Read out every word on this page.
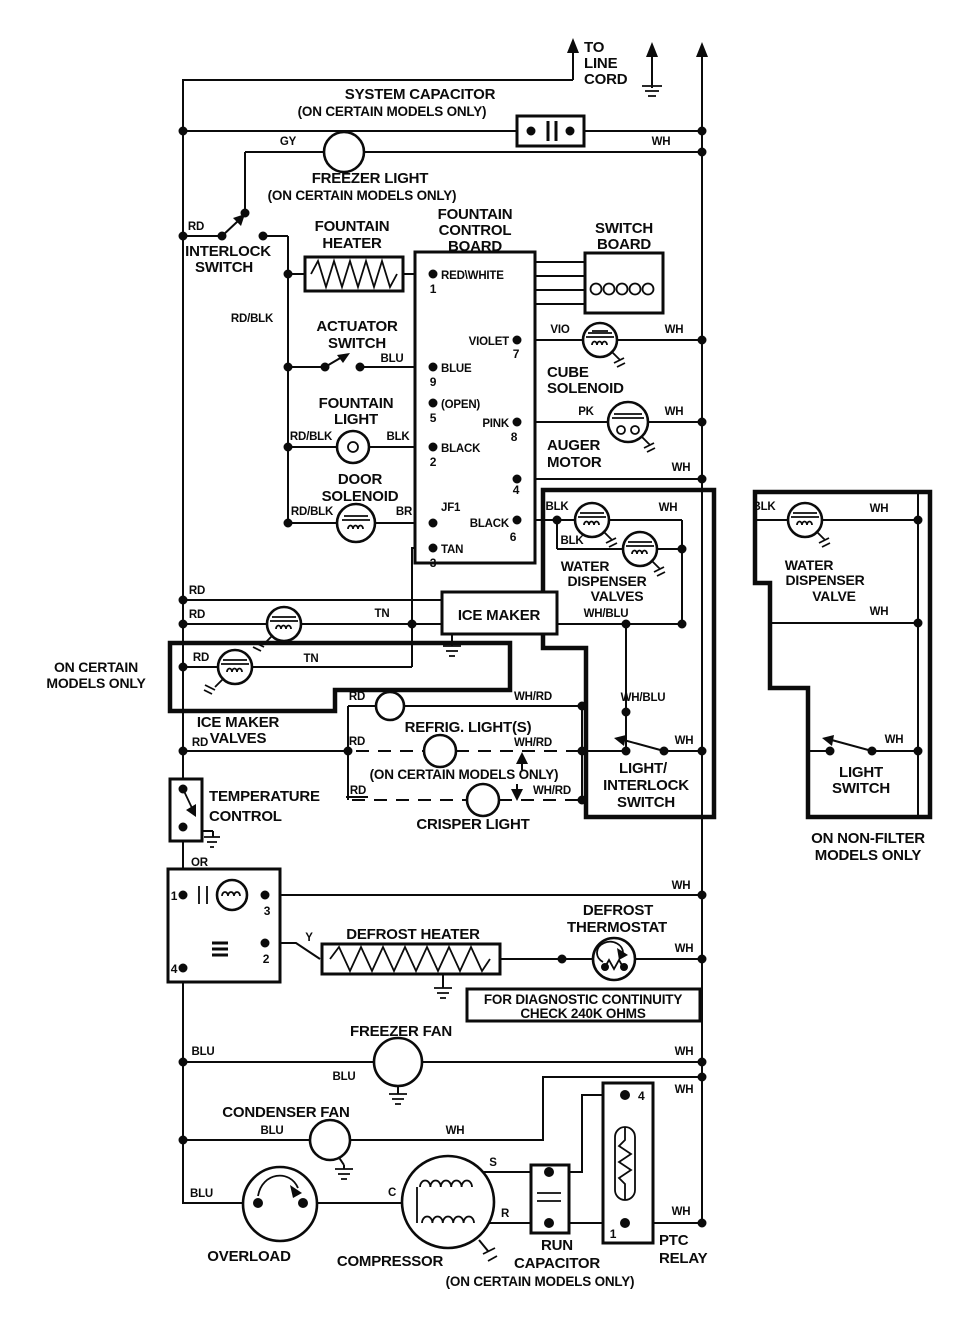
TO
LINE
CORD
SYSTEM CAPACITOR
(ON CERTAIN MODELS ONLY)
GY	WH
FREEZER LIGHT
(ON CERTAIN MODELS ONLY)
RD
INTERLOCK
SWITCH
FOUNTAIN
HEATER
FOUNTAIN
CONTROL
BOARD
SWITCH
BOARD
RD/BLK	ACTUATOR
SWITCH
BLU
RED\WHITE
1
VIOLET
7
BLUE
9
(OPEN)
5	PINK
8
BLACK
2
4
JF1
BLACK
6
TAN
3
VIO	WH
CUBE
SOLENOID
FOUNTAIN
LIGHT
RD/BLK	BLK
PK	WH
AUGER
MOTOR	WH
DOOR
SOLENOID
RD/BLK	BR	BLK	WH
BLK
WATER
DISPENSER
VALVES
WH/BLU
RD
RD	TN	ICE MAKER
ON CERTAIN
MODELS ONLY
RD	TN
ICE MAKER
VALVES
RD
RD
RD
RD
REFRIG. LIGHT(S)
(ON CERTAIN MODELS ONLY)
CRISPER LIGHT
WH/RD
WH/RD
WH/RD
WH/BLU
WH
LIGHT/
INTERLOCK
SWITCH
TEMPERATURE
CONTROL
OR
1
3
2
4
WH
Y DEFROST HEATER
DEFROST
THERMOSTAT
WH
FOR DIAGNOSTIC CONTINUITY
CHECK 240K OHMS
FREEZER FAN
BLU
BLU
WH
CONDENSER FAN
BLU	WH
WH
BLU
OVERLOAD
C
S
R
COMPRESSOR
RUN
CAPACITOR
(ON CERTAIN MODELS ONLY)
4
1
WH
PTC
RELAY
BLK	WH
WATER
DISPENSER
VALVE
WH
LIGHT
SWITCH
WH
ON NON-FILTER
MODELS ONLY
